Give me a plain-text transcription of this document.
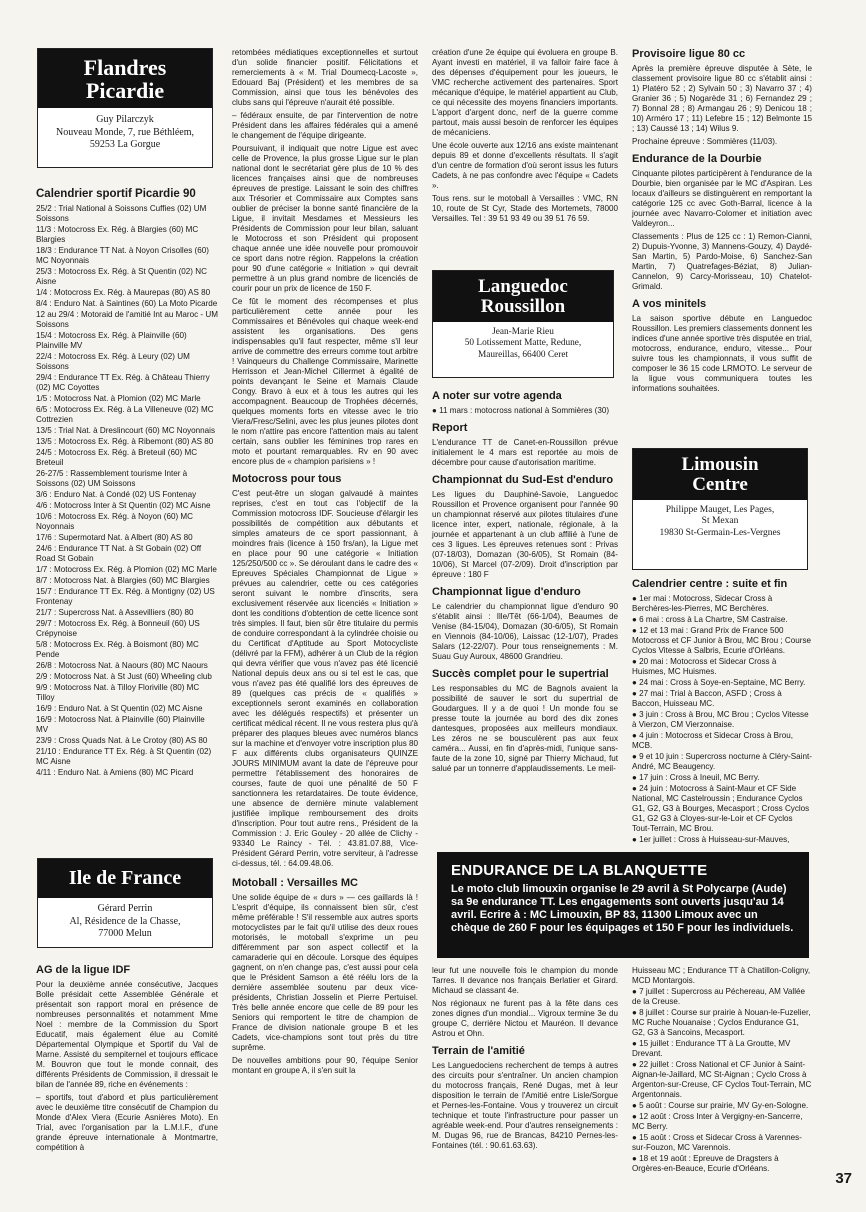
Flandres
Picardie
Guy Pilarczyk
Nouveau Monde, 7, rue Béthléem,
59253 La Gorgue
Calendrier sportif Picardie 90

25/2 : Trial National à Soissons Cuffies (02) UM Soissons

11/3 : Motocross Ex. Rég. à Blargies (60) MC Blargies

18/3 : Endurance TT Nat. à Noyon Crisolles (60) MC Noyonnais

25/3 : Motocross Ex. Rég. à St Quentin (02) NC Aisne

1/4 : Motocross Ex. Rég. à Maurepas (80) AS 80

8/4 : Enduro Nat. à Saintines (60) La Moto Picarde

12 au 29/4 : Motoraid de l'amitié Int au Maroc - UM Soissons

15/4 : Motocross Ex. Rég. à Plainville (60) Plainville MV

22/4 : Motocross Ex. Rég. à Leury (02) UM Soissons

29/4 : Endurance TT Ex. Rég. à Château Thierry (02) MC Coyottes

1/5 : Motocross Nat. à Plomion (02) MC Marle

6/5 : Motocross Ex. Rég. à La Villeneuve (02) MC Cottrezien

13/5 : Trial Nat. à Dreslincourt (60) MC Noyonnais

13/5 : Motocross Ex. Rég. à Ribemont (80) AS 80

24/5 : Motocross Ex. Rég. à Breteuil (60) MC Breteuil

26-27/5 : Rassemblement tourisme Inter à Soissons (02) UM Soissons

3/6 : Enduro Nat. à Condé (02) US Fontenay

4/6 : Motocross Inter à St Quentin (02) MC Aisne

10/6 : Motocross Ex. Rég. à Noyon (60) MC Noyonnais

17/6 : Supermotard Nat. à Albert (80) AS 80

24/6 : Endurance TT Nat. à St Gobain (02) Off Road St Gobain

1/7 : Motocross Ex. Rég. à Plomion (02) MC Marle

8/7 : Motocross Nat. à Blargies (60) MC Blargies

15/7 : Endurance TT Ex. Rég. à Montigny (02) US Frontenay

21/7 : Supercross Nat. à Assevilliers (80) 80

29/7 : Motocross Ex. Rég. à Bonneuil (60) US Crépynoise

5/8 : Motocross Ex. Rég. à Boismont (80) MC Pende

26/8 : Motocross Nat. à Naours (80) MC Naours

2/9 : Motocross Nat. à St Just (60) Wheeling club

9/9 : Motocross Nat. à Tilloy Floriville (80) MC Tilloy

16/9 : Enduro Nat. à St Quentin (02) MC Aisne

16/9 : Motocross Nat. à Plainville (60) Plainville MV

23/9 : Cross Quads Nat. à Le Crotoy (80) AS 80

21/10 : Endurance TT Ex. Rég. à St Quentin (02) MC Aisne

4/11 : Enduro Nat. à Amiens (80) MC Picard

Ile de France
Gérard Perrin
Al, Résidence de la Chasse,
77000 Melun
AG de la ligue IDF

Pour la deuxième année consécutive, Jacques Bolle présidait cette Assemblée Générale et présentait son rapport moral en présence de nombreuses personnalités et notamment Mme Noel : membre de la Commission du Sport Educatif, mais également élue au Comité Départemental Olympique et Sportif du Val de Marne. Assisté du sempiternel et toujours efficace M. Bouvron que tout le monde connait, des différents Présidents de Commission, il dressait le bilan de l'année 89, riche en événements :

– sportifs, tout d'abord et plus particulièrement avec le deuxième titre consécutif de Champion du Monde d'Alex Viera (Ecurie Asnières Moto). En Trial, avec l'organisation par la L.M.I.F., d'une grande épreuve internationale à Montmartre, compétition à

retombées médiatiques exceptionnelles et surtout d'un solide financier positif. Félicitations et remerciements à « M. Trial Doumecq-Lacoste », Edouard Baj (Président) et les membres de sa Commission, ainsi que tous les bénévoles des clubs sans qui l'épreuve n'aurait été possible.

– fédéraux ensuite, de par l'intervention de notre Président dans les affaires fédérales qui a amené le changement de l'équipe dirigeante.

Poursuivant, il indiquait que notre Ligue est avec celle de Provence, la plus grosse Ligue sur le plan national dont le secrétariat gère plus de 10 % des licences françaises ainsi que de nombreuses épreuves de prestige. Laissant le soin des chiffres aux Trésorier et Commissaire aux Comptes sans oublier de préciser la bonne santé financière de la Ligue, il invitait Mesdames et Messieurs les Présidents de Commission pour leur bilan, saluant le Motocross et son Président qui proposent chaque année une idée nouvelle pour promouvoir ce sport dans notre région. Rappelons la création pour 90 d'une catégorie « Initiation » qui devrait permettre à un plus grand nombre de licenciés de courir pour un prix de licence de 150 F.

Ce fût le moment des récompenses et plus particulièrement cette année pour les Commissaires et Bénévoles qui chaque week-end assistent les organisations. Des gens indispensables qu'il faut respecter, même s'il leur arrive de commettre des erreurs comme tout arbitre ! Vainqueurs du Challenge Commissaire, Marinette Herrisson et Jean-Michel Cillermet à égalité de points devançant le Seine et Marnais Claude Congy. Bravo à eux et à tous les autres qui les accompagnent. Beaucoup de Trophées décernés, quelques moments forts en vitesse avec le trio Viera/Fresc/Selini, avec les plus jeunes pilotes dont le nom n'attire pas encore l'attention mais au talent certain, sans oublier les féminines trop rares en moto et pourtant remarquables. Rv en 90 avec encore plus de « champion parisiens » !

Motocross pour tous

C'est peut-être un slogan galvaudé à maintes reprises, c'est en tout cas l'objectif de la Commission motocross IDF. Soucieuse d'élargir les possibilités de compétition aux débutants et simples amateurs de ce sport passionnant, à moindres frais (licence à 150 frs/an), la Ligue met en place pour 90 une catégorie « Initiation 125/250/500 cc ». Se déroulant dans le cadre des « Epreuves Spéciales Championnat de Ligue » prévues au calendrier, cette ou ces catégories seront suivant le nombre d'inscrits, sera exclusivement réservée aux licenciés « Initiation » dont les conditions d'obtention de cette licence sont très simples. Il faut, bien sûr être titulaire du permis de conduire correspondant à la cylindrée choisie ou du Certificat d'Aptitude au Sport Motocycliste (délivré par la FFM), adhérer à un Club de la région qui devra vérifier que vous n'avez pas été licencié National depuis deux ans ou si tel est le cas, que vous n'avez pas été qualifié lors des épreuves de 89 (quelques cas précis de « qualifiés » exceptionnels seront examinés en collaboration avec les délégués respectifs) et présenter un certificat médical récent. Il ne vous restera plus qu'à préparer des plaques bleues avec numéros blancs sur la machine et d'envoyer votre inscription plus 80 F aux différents clubs organisateurs QUINZE JOURS MINIMUM avant la date de l'épreuve pour permettre l'établissement des honoraires de courses, faute de quoi une pénalité de 50 F sanctionnera les retardataires. De toute évidence, une absence de dernière minute valablement justifiée implique remboursement des droits d'inscription. Pour tout autre rens., Président de la Commission : J. Eric Gouley - 20 allée de Clichy - 93340 Le Raincy - Tél. : 43.81.07.88, Vice-Président Gérard Perrin, votre serviteur, à l'adresse ci-dessus, tél. : 64.09.48.06.

Motoball : Versailles MC

Une solide équipe de « durs » — ces gaillards là ! L'esprit d'équipe, ils connaissent bien sûr, c'est même préférable ! S'il ressemble aux autres sports motocyclistes par le fait qu'il utilise des deux roues motorisés, le motoball s'exprime un peu différemment par son aspect collectif et la camaraderie qui en découle. Lorsque des équipes gagnent, on n'en change pas, c'est aussi pour cela que le Président Samson a été réélu lors de la dernière assemblée soutenu par deux vice-présidents, Christian Josselin et Pierre Pertuisel. Très belle année encore que celle de 89 pour les Seniors qui remportent le titre de champion de France de division nationale groupe B et les Cadets, vice-champions sont tout près du titre suprême.

De nouvelles ambitions pour 90, l'équipe Senior montant en groupe A, il s'en suit la

création d'une 2e équipe qui évoluera en groupe B. Ayant investi en matériel, il va falloir faire face à des dépenses d'équipement pour les joueurs, le VMC recherche activement des partenaires. Sport mécanique d'équipe, le matériel appartient au Club, ce qui nécessite des moyens financiers importants. L'apport d'argent donc, nerf de la guerre comme partout, mais aussi besoin de renforcer les équipes de mécaniciens.

Une école ouverte aux 12/16 ans existe maintenant depuis 89 et donne d'excellents résultats. Il s'agit d'un centre de formation d'où seront issus les futurs Cadets, à ne pas confondre avec l'équipe « Cadets ».

Tous rens. sur le motoball à Versailles : VMC, RN 10, route de St Cyr, Stade des Mortemets, 78000 Versailles. Tel : 39 51 93 49 ou 39 51 76 59.

Languedoc
Roussillon
Jean-Marie Rieu
50 Lotissement Matte, Redune,
Maureillas, 66400 Ceret
A noter sur votre agenda

● 11 mars : motocross national à Sommières (30)

Report

L'endurance TT de Canet-en-Roussillon prévue initialement le 4 mars est reportée au mois de décembre pour cause d'autorisation maritime.

Championnat du Sud-Est d'enduro

Les ligues du Dauphiné-Savoie, Languedoc Roussillon et Provence organisent pour l'année 90 un championnat réservé aux pilotes titulaires d'une licence inter, expert, nationale, régionale, à la journée et appartenant à un club affilié à l'une de ces 3 ligues. Les épreuves retenues sont : Privas (07-18/03), Domazan (30-6/05), St Romain (84-10/06), St Marcel (07-2/09). Droit d'inscription par épreuve : 180 F

Championnat ligue d'enduro

Le calendrier du championnat ligue d'enduro 90 s'établit ainsi : Ille/Têt (66-1/04), Beaumes de Venise (84-15/04), Domazan (30-6/05), St Romain en Viennois (84-10/06), Laissac (12-1/07), Prades Salars (12-22/07). Pour tous renseignements : M. Suau Guy Auroux, 48600 Grandrieu.

Succès complet pour le supertrial

Les responsables du MC de Bagnols avaient la possibilité de sauver le sort du supertrial de Goudargues. Il y a de quoi ! Un monde fou se presse toute la journée au bord des dix zones dantesques, proposées aux meilleurs mondiaux. Les zéros ne se bousculèrent pas aux feux caméra... Aussi, en fin d'après-midi, l'unique sans-faute de la zone 10, signé par Thierry Michaud, fut salué par un tonnerre d'applaudissements. Le meil-

Provisoire ligue 80 cc

Après la première épreuve disputée à Sète, le classement provisoire ligue 80 cc s'établit ainsi : 1) Platéro 52 ; 2) Sylvain 50 ; 3) Navarro 37 ; 4) Granier 36 ; 5) Nogarède 31 ; 6) Fernandez 29 ; 7) Bonnal 28 ; 8) Armangau 26 ; 9) Denicou 18 ; 10) Arméro 17 ; 11) Lefebre 15 ; 12) Belmonte 15 ; 13) Caussé 13 ; 14) Wilus 9.

Prochaine épreuve : Sommières (11/03).

Endurance de la Dourbie

Cinquante pilotes participèrent à l'endurance de la Dourbie, bien organisée par le MC d'Aspiran. Les locaux d'ailleurs se distinguèrent en remportant la catégorie 125 cc avec Goth-Barral, licence à la journée avec Navarro-Colomer et initiation avec Valdeyron...

Classements : Plus de 125 cc : 1) Remon-Cianni, 2) Dupuis-Yvonne, 3) Mannens-Gouzy, 4) Daydé-San Martin, 5) Pardo-Moise, 6) Sanchez-San Martin, 7) Quatrefages-Béziat, 8) Julian-Cannelon, 9) Carcy-Morisseau, 10) Chatelot-Grimald.

A vos minitels

La saison sportive débute en Languedoc Roussillon. Les premiers classements donnent les indices d'une année sportive très disputée en trial, motocross, endurance, enduro, vitesse... Pour suivre tous les championnats, il vous suffit de composer le 36 15 code LRMOTO. Le serveur de la ligue vous communiquera toutes les informations souhaitées.

Limousin
Centre
Philippe Mauget, Les Pages,
St Mexan
19830 St-Germain-Les-Vergnes
Calendrier centre : suite et fin

● 1er mai : Motocross, Sidecar Cross à Berchères-les-Pierres, MC Berchères.

● 6 mai : cross à La Chartre, SM Castraise.

● 12 et 13 mai : Grand Prix de France 500 Motocross et CF Junior à Brou, MC Brou ; Course Cyclos Vitesse à Salbris, Ecurie d'Orléans.

● 20 mai : Motocross et Sidecar Cross à Huismes, MC Huismes.

● 24 mai : Cross à Soye-en-Septaine, MC Berry.

● 27 mai : Trial à Baccon, ASFD ; Cross à Baccon, Huisseau MC.

● 3 juin : Cross à Brou, MC Brou ; Cyclos Vitesse à Vierzon, CM Vierzonnaise.

● 4 juin : Motocross et Sidecar Cross à Brou, MCB.

● 9 et 10 juin : Supercross nocturne à Cléry-Saint-André, MC Beaugency.

● 17 juin : Cross à Ineuil, MC Berry.

● 24 juin : Motocross à Saint-Maur et CF Side National, MC Castelroussin ; Endurance Cyclos G1, G2, G3 à Bourges, Mecasport ; Cross Cyclos G1, G2 G3 à Cloyes-sur-le-Loir et CF Cyclos Tout-Terrain, MC Brou.

● 1er juillet : Cross à Huisseau-sur-Mauves,

ENDURANCE DE LA BLANQUETTE
Le moto club limouxin organise le 29 avril à St Polycarpe (Aude) sa 9e endurance TT. Les engagements sont ouverts jusqu'au 14 avril. Ecrire à : MC Limouxin, BP 83, 11300 Limoux avec un chèque de 260 F pour les équipages et 150 F pour les individuels.

leur fut une nouvelle fois le champion du monde Tarres. Il devance nos français Berlatier et Girard. Michaud se classant 4e.

Nos régionaux ne furent pas à la fête dans ces zones dignes d'un mondial... Vigroux termine 3e du groupe C, derrière Nictou et Mauréon. Il devance Astrou et Ohn.

Terrain de l'amitié

Les Languedociens recherchent de temps à autres des circuits pour s'entraîner. Un ancien champion du motocross français, René Dugas, met à leur disposition le terrain de l'Amitié entre Lisle/Sorgue et Pernes-les-Fontaine. Vous y trouverez un circuit technique et toute l'infrastructure pour passer un agréable week-end. Pour d'autres renseignements : M. Dugas 96, rue de Brancas, 84210 Pernes-les-Fontaines (tél. : 90.61.63.63).

Huisseau MC ; Endurance TT à Chatillon-Coligny, MCD Montargois.

● 7 juillet : Supercross au Péchereau, AM Vallée de la Creuse.

● 8 juillet : Course sur prairie à Nouan-le-Fuzelier, MC Ruche Nouanaise ; Cyclos Endurance G1, G2, G3 à Sancoins, Mecasport.

● 15 juillet : Endurance TT à La Groutte, MV Drevant.

● 22 juillet : Cross National et CF Junior à Saint-Aignan-le-Jaillard, MC St-Aignan ; Cyclo Cross à Argenton-sur-Creuse, CF Cyclos Tout-Terrain, MC Argentonnais.

● 5 août : Course sur prairie, MV Gy-en-Sologne.

● 12 août : Cross Inter à Vergigny-en-Sancerre, MC Berry.

● 15 août : Cross et Sidecar Cross à Varennes-sur-Fouzon, MC Varennois.

● 18 et 19 août : Epreuve de Dragsters à Orgères-en-Beauce, Ecurie d'Orléans.

37
